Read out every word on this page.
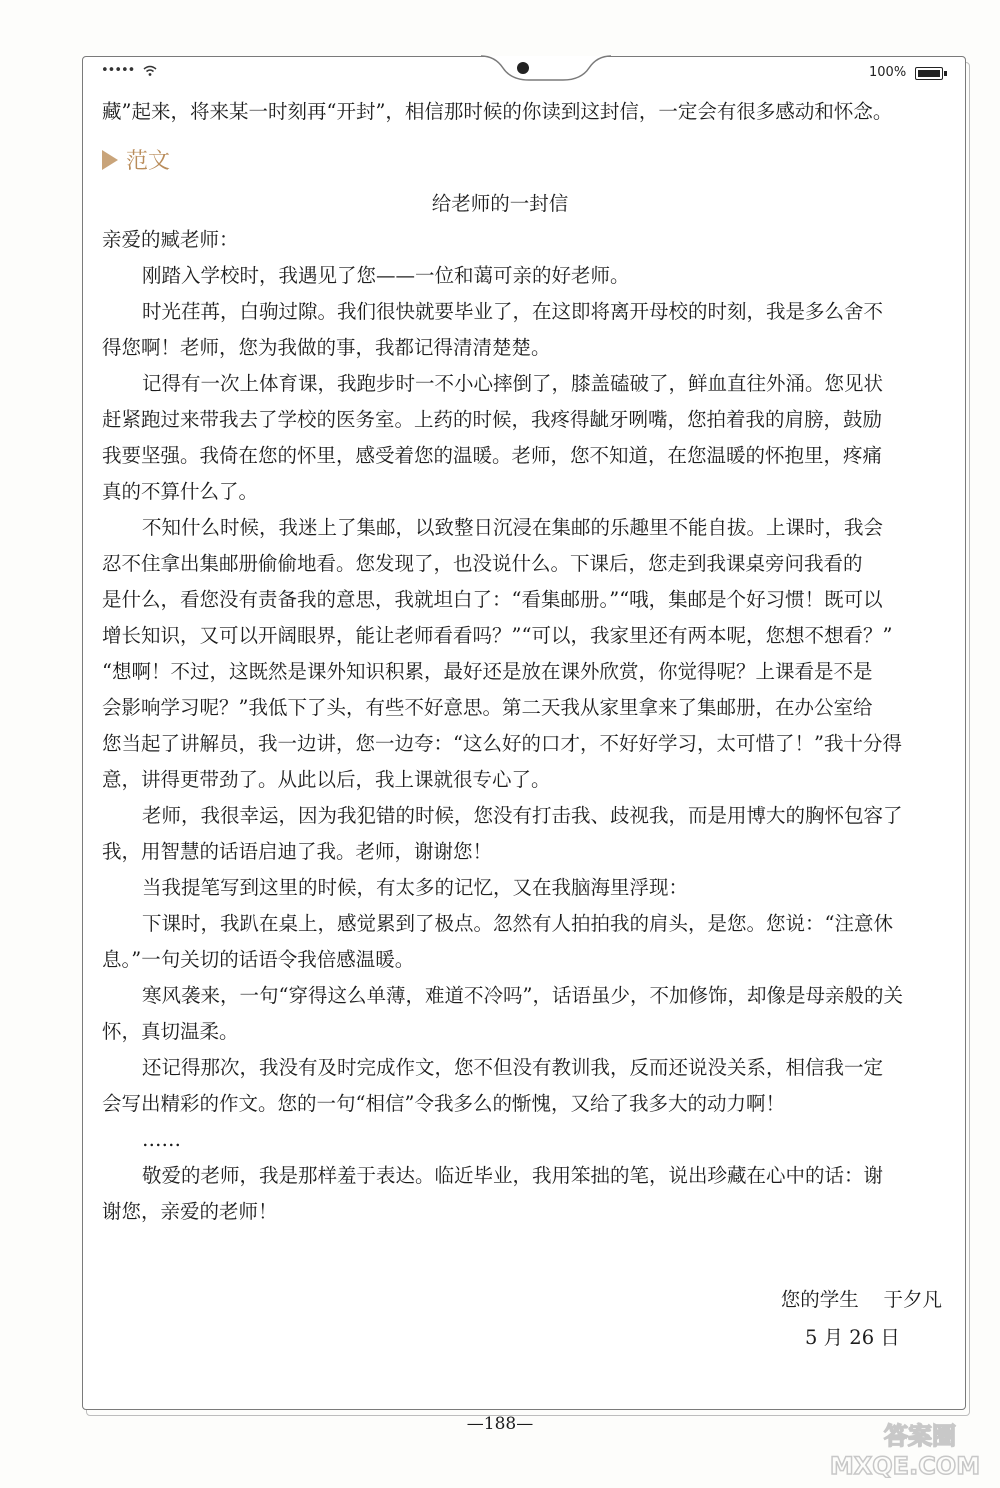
•••••	100%

藏”起来，将来某一时刻再“开封”，相信那时候的你读到这封信，一定会有很多感动和怀念。

范文
给老师的一封信

亲爱的臧老师：

刚踏入学校时，我遇见了您——一位和蔼可亲的好老师。

时光荏苒，白驹过隙。我们很快就要毕业了，在这即将离开母校的时刻，我是多么舍不

得您啊！老师，您为我做的事，我都记得清清楚楚。

记得有一次上体育课，我跑步时一不小心摔倒了，膝盖磕破了，鲜血直往外涌。您见状

赶紧跑过来带我去了学校的医务室。上药的时候，我疼得龇牙咧嘴，您拍着我的肩膀，鼓励

我要坚强。我倚在您的怀里，感受着您的温暖。老师，您不知道，在您温暖的怀抱里，疼痛

真的不算什么了。

不知什么时候，我迷上了集邮，以致整日沉浸在集邮的乐趣里不能自拔。上课时，我会

忍不住拿出集邮册偷偷地看。您发现了，也没说什么。下课后，您走到我课桌旁问我看的

是什么，看您没有责备我的意思，我就坦白了：“看集邮册。”“哦，集邮是个好习惯！既可以

增长知识，又可以开阔眼界，能让老师看看吗？”“可以，我家里还有两本呢，您想不想看？”

“想啊！不过，这既然是课外知识积累，最好还是放在课外欣赏，你觉得呢？上课看是不是

会影响学习呢？”我低下了头，有些不好意思。第二天我从家里拿来了集邮册，在办公室给

您当起了讲解员，我一边讲，您一边夸：“这么好的口才，不好好学习，太可惜了！”我十分得

意，讲得更带劲了。从此以后，我上课就很专心了。

老师，我很幸运，因为我犯错的时候，您没有打击我、歧视我，而是用博大的胸怀包容了

我，用智慧的话语启迪了我。老师，谢谢您！

当我提笔写到这里的时候，有太多的记忆，又在我脑海里浮现：

下课时，我趴在桌上，感觉累到了极点。忽然有人拍拍我的肩头，是您。您说：“注意休

息。”一句关切的话语令我倍感温暖。

寒风袭来，一句“穿得这么单薄，难道不冷吗”，话语虽少，不加修饰，却像是母亲般的关

怀，真切温柔。

还记得那次，我没有及时完成作文，您不但没有教训我，反而还说没关系，相信我一定

会写出精彩的作文。您的一句“相信”令我多么的惭愧，又给了我多大的动力啊！

……

敬爱的老师，我是那样羞于表达。临近毕业，我用笨拙的笔，说出珍藏在心中的话：谢

谢您，亲爱的老师！

您的学生    于夕凡
5 月 26 日
—188—	答案圈
MXQE.COM
